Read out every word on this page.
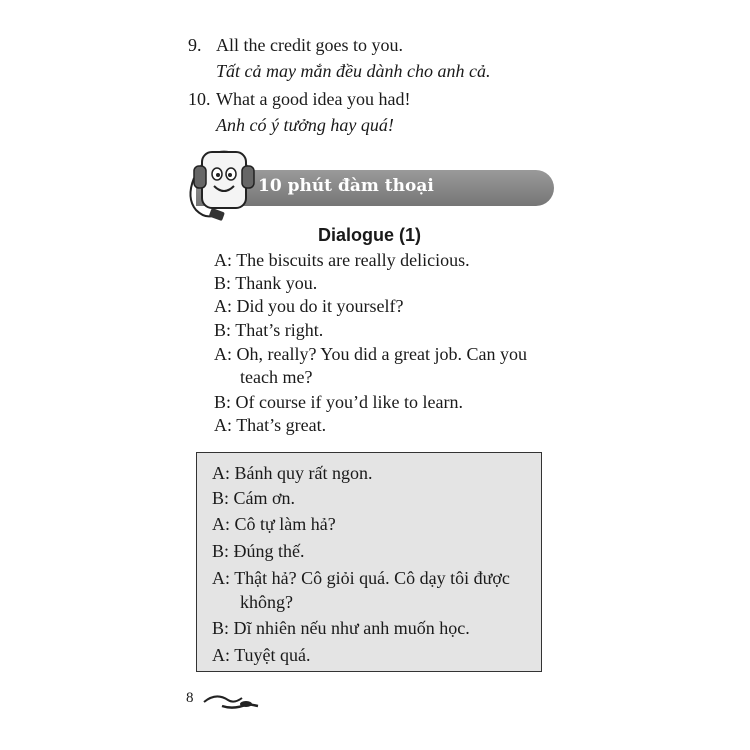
9. All the credit goes to you.
Tất cả may mắn đều dành cho anh cả.
10. What a good idea you had!
Anh có ý tưởng hay quá!
10 phút đàm thoại
Dialogue (1)
A: The biscuits are really delicious.
B: Thank you.
A: Did you do it yourself?
B: That’s right.
A: Oh, really? You did a great job. Can you
teach me?
B: Of course if you’d like to learn.
A: That’s great.
A: Bánh quy rất ngon.
B: Cám ơn.
A: Cô tự làm hả?
B: Đúng thế.
A: Thật hả? Cô giỏi quá. Cô dạy tôi được
không?
B: Dĩ nhiên nếu như anh muốn học.
A: Tuyệt quá.
8
